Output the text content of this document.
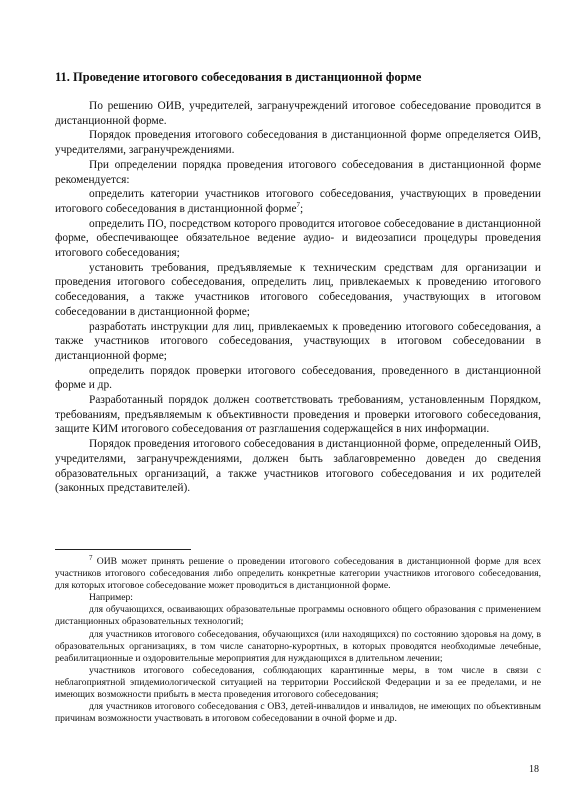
11. Проведение итогового собеседования в дистанционной форме

По решению ОИВ, учредителей, загранучреждений итоговое собеседование проводится в дистанционной форме.

Порядок проведения итогового собеседования в дистанционной форме определяется ОИВ, учредителями, загранучреждениями.

При определении порядка проведения итогового собеседования в дистанционной форме рекомендуется:

определить категории участников итогового собеседования, участвующих в проведении итогового собеседования в дистанционной форме$^7$;

определить ПО, посредством которого проводится итоговое собеседование в дистанционной форме, обеспечивающее обязательное ведение аудио- и видеозаписи процедуры проведения итогового собеседования;

установить требования, предъявляемые к техническим средствам для организации и проведения итогового собеседования, определить лиц, привлекаемых к проведению итогового собеседования, а также участников итогового собеседования, участвующих в итоговом собеседовании в дистанционной форме;

разработать инструкции для лиц, привлекаемых к проведению итогового собеседования, а также участников итогового собеседования, участвующих в итоговом собеседовании в дистанционной форме;

определить порядок проверки итогового собеседования, проведенного в дистанционной форме и др.

Разработанный порядок должен соответствовать требованиям, установленным Порядком, требованиям, предъявляемым к объективности проведения и проверки итогового собеседования, защите КИМ итогового собеседования от разглашения содержащейся в них информации.

Порядок проведения итогового собеседования в дистанционной форме, определенный ОИВ, учредителями, загранучреждениями, должен быть заблаговременно доведен до сведения образовательных организаций, а также участников итогового собеседования и их родителей (законных представителей).

$^7$ ОИВ может принять решение о проведении итогового собеседования в дистанционной форме для всех участников итогового собеседования либо определить конкретные категории участников итогового собеседования, для которых итоговое собеседование может проводиться в дистанционной форме.

Например:

для обучающихся, осваивающих образовательные программы основного общего образования с применением дистанционных образовательных технологий;

для участников итогового собеседования, обучающихся (или находящихся) по состоянию здоровья на дому, в образовательных организациях, в том числе санаторно-курортных, в которых проводятся необходимые лечебные, реабилитационные и оздоровительные мероприятия для нуждающихся в длительном лечении;

участников итогового собеседования, соблюдающих карантинные меры, в том числе в связи с неблагоприятной эпидемиологической ситуацией на территории Российской Федерации и за ее пределами, и не имеющих возможности прибыть в места проведения итогового собеседования;

для участников итогового собеседования с ОВЗ, детей-инвалидов и инвалидов, не имеющих по объективным причинам возможности участвовать в итоговом собеседовании в очной форме и др.

18
